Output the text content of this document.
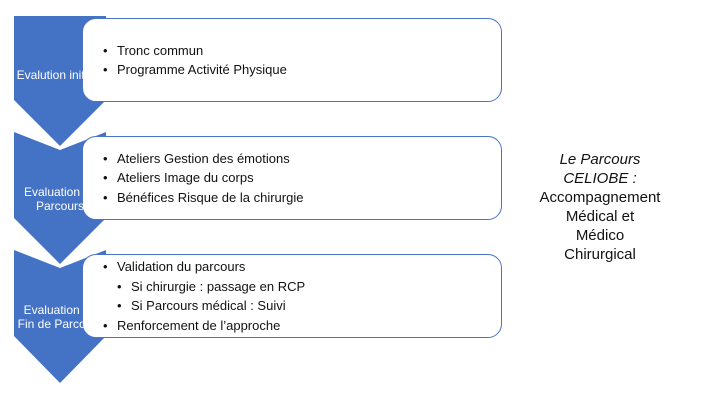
• Tronc commun
• Programme Activité Physique
• Ateliers Gestion des émotions
• Ateliers Image du corps
• Bénéfices Risque de la chirurgie
• Validation du parcours
• Si chirurgie : passage en RCP
• Si Parcours médical : Suivi
• Renforcement de l’approche
Evalution initiale
Evaluation Mi Parcours
Evaluation de Fin de Parcours
Le Parcours
CELIOBE :
Accompagnement
Médical et
Médico
Chirurgical
